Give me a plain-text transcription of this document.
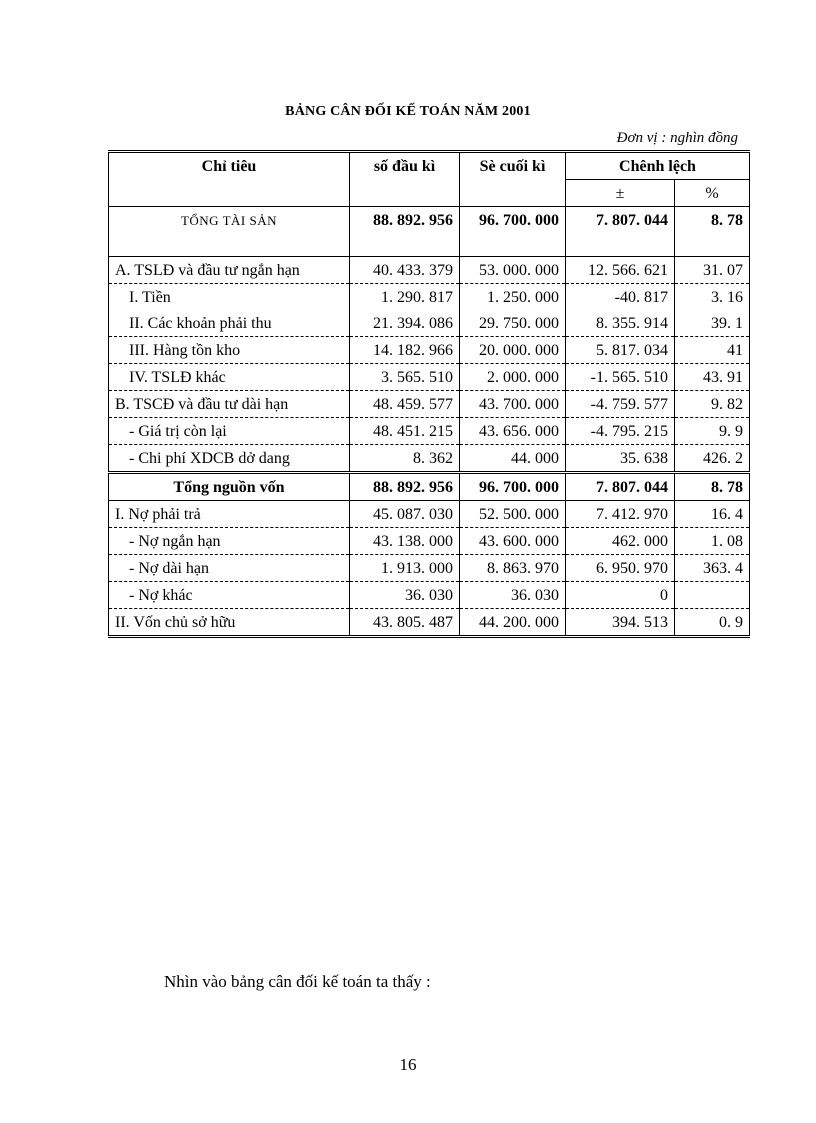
BẢNG CÂN ĐỐI KẾ TOÁN NĂM 2001
Đơn vị : nghìn đồng
Chỉ tiêu	số đầu kì	Sè cuối kì	Chênh lệch	
			±	%
TỔNG TÀI SẢN	88. 892. 956	96. 700. 000	7. 807. 044	8. 78
A. TSLĐ và đầu tư ngắn hạn	40. 433. 379	53. 000. 000	12. 566. 621	31. 07
I. Tiền	1. 290. 817	1. 250. 000	-40. 817	3. 16
II. Các khoản phải thu	21. 394. 086	29. 750. 000	8. 355. 914	39. 1
III. Hàng tồn kho	14. 182. 966	20. 000. 000	5. 817. 034	41
IV. TSLĐ khác	3. 565. 510	2. 000. 000	-1. 565. 510	43. 91
B. TSCĐ và đầu tư dài hạn	48. 459. 577	43. 700. 000	-4. 759. 577	9. 82
- Giá trị còn lại	48. 451. 215	43. 656. 000	-4. 795. 215	9. 9
- Chi phí XDCB dở dang	8. 362	44. 000	35. 638	426. 2
Tổng nguồn vốn	88. 892. 956	96. 700. 000	7. 807. 044	8. 78
I. Nợ phải trả	45. 087. 030	52. 500. 000	7. 412. 970	16. 4
- Nợ ngắn hạn	43. 138. 000	43. 600. 000	462. 000	1. 08
- Nợ dài hạn	1. 913. 000	8. 863. 970	6. 950. 970	363. 4
- Nợ khác	36. 030	36. 030	0	
II. Vốn chủ sở hữu	43. 805. 487	44. 200. 000	394. 513	0. 9
Nhìn vào bảng cân đối kế toán ta thấy :
16
